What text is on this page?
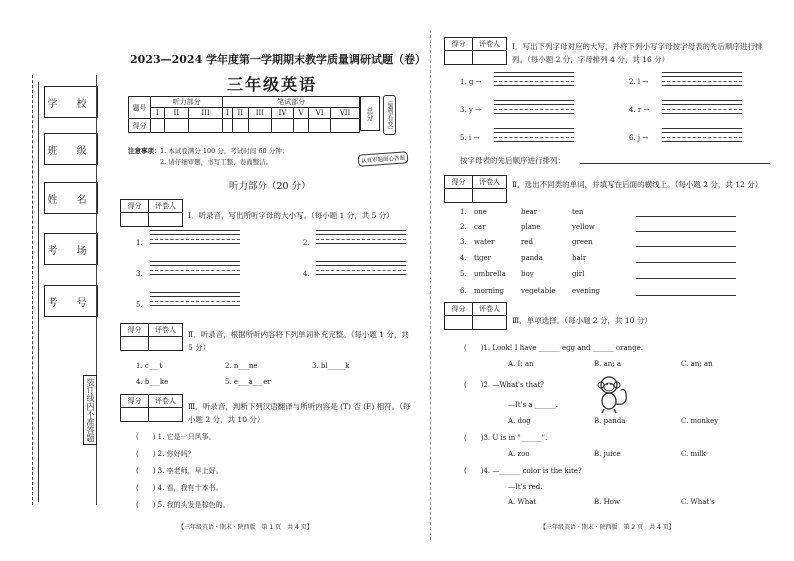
学 校
班 级
姓 名
考 场
考 号
装订线内不准答题
2023—2024 学年度第一学期期末教学质量调研试题（卷）
三年级英语
题号	听力部分			笔试部分						
	I	II	III	I	II	III	IV	V	VI	VII
得分										
总分	（题型有变）
注意事项： 1. 本试卷满分 100 分，考试时间 60 分钟；
2. 请仔细审题，书写工整，卷面整洁。	认真审题细心答题
听力部分（20 分）
得分	评卷人

Ⅰ．听录音，写出所听字母的大小写。（每小题 1 分，共 5 分）
1.	2.
3.	4.
5.
得分	评卷人
	Ⅱ．听录音，根据所听内容将下列单词补充完整。（每小题 1 分，共 5 分）
1. c___t	2. n___ne	3. bl_____k
4. b___ke	5. e___a___er
得分	评卷人

Ⅲ．听录音，判断下列汉语翻译与所听内容是 (T) 否 (F) 相符。（每小题 2 分，共 10 分）
(　　) 1. 它是一只风筝。
(　　) 2. 你好吗？
(　　) 3. 李老师，早上好。
(　　) 4. 看，我有十本书。
(　　) 5. 我的头发是棕色的。
【三年级英语 · 期末 · 陕西版　第 1 页　共 4 页】
得分	评卷人
	Ⅰ．写出下列字母对应的大写，并将下列小写字母按字母表的先后顺序进行排列。（每小题 2 分，字母排列 4 分，共 16 分）
1. g →	2. l →
3. y →	4. r →
5. i →	6. j →
按字母表的先后顺序进行排列：
得分	评卷人
	Ⅱ．选出不同类的单词，并填写在后面的横线上。（每小题 2 分，共 12 分）
1. one	bear	ten
2. car	plane	yellow
3. water	red	green
4. tiger	panda	hair
5. umbrella boy	girl
6. morning vegetable evening
得分	评卷人

Ⅲ．单项选择。（每小题 2 分，共 10 分）
(　　)1. Look! I have ______ egg and ______ orange.
A. I; an	B. an; a	C. an; an
(　　)2. —What's that?
—It's a ______.
A. dog	B. panda	C. monkey
(　　)3. U is in "______".
A. zoo	B. juice	C. milk
(　　)4. —______ color is the kite?
—It's red.
A. What	B. How	C. What's
【三年级英语 · 期末 · 陕西版　第 2 页　共 4 页】
